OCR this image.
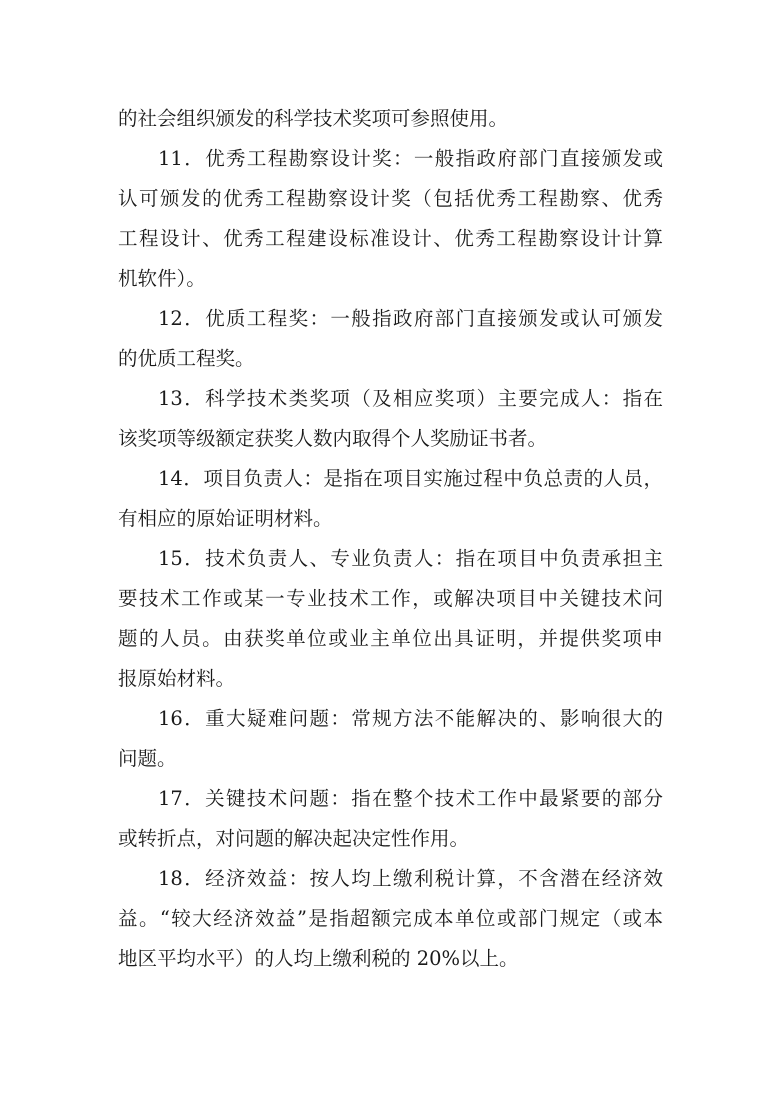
的社会组织颁发的科学技术奖项可参照使用。

11．优秀工程勘察设计奖：一般指政府部门直接颁发或

认可颁发的优秀工程勘察设计奖（包括优秀工程勘察、优秀

工程设计、优秀工程建设标准设计、优秀工程勘察设计计算

机软件）。

12．优质工程奖：一般指政府部门直接颁发或认可颁发

的优质工程奖。

13．科学技术类奖项（及相应奖项）主要完成人：指在

该奖项等级额定获奖人数内取得个人奖励证书者。

14．项目负责人：是指在项目实施过程中负总责的人员，

有相应的原始证明材料。

15．技术负责人、专业负责人：指在项目中负责承担主

要技术工作或某一专业技术工作，或解决项目中关键技术问

题的人员。由获奖单位或业主单位出具证明，并提供奖项申

报原始材料。

16．重大疑难问题：常规方法不能解决的、影响很大的

问题。

17．关键技术问题：指在整个技术工作中最紧要的部分

或转折点，对问题的解决起决定性作用。

18．经济效益：按人均上缴利税计算，不含潜在经济效

益。“较大经济效益”是指超额完成本单位或部门规定（或本

地区平均水平）的人均上缴利税的 20%以上。
